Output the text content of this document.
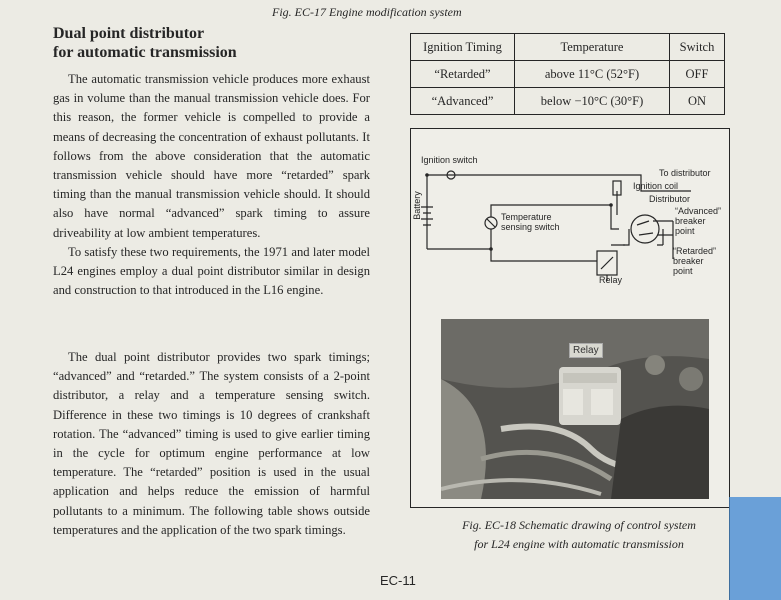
Fig. EC-17 Engine modification system
Dual point distributor
for automatic transmission

The automatic transmission vehicle produces more exhaust gas in volume than the manual transmission vehicle does. For this reason, the former vehicle is compelled to provide a means of decreasing the concentration of exhaust pollutants. It follows from the above consideration that the automatic transmission vehicle should have more “retarded” spark timing than the manual transmission vehicle should. It should also have normal “advanced” spark timing to assure driveability at low ambient temperatures.

To satisfy these two requirements, the 1971 and later model L24 engines employ a dual point distributor similar in design and construction to that introduced in the L16 engine.

The dual point distributor provides two spark timings; “advanced” and “retarded.” The system consists of a 2-point distributor, a relay and a temperature sensing switch. Difference in these two timings is 10 degrees of crankshaft rotation. The “advanced” timing is used to give earlier timing in the cycle for optimum engine performance at low temperature. The “retarded” position is used in the usual application and helps reduce the emission of harmful pollutants to a minimum. The following table shows outside temperatures and the application of the two spark timings.

Ignition Timing	Temperature	Switch
“Retarded”	above 11°C (52°F)	OFF
“Advanced”	below −10°C (30°F)	ON
Ignition switch
To distributor
Ignition coil
Distributor
Battery	Temperature
sensing switch
“Advanced”
breaker
point
“Retarded”
breaker
point
Relay
Relay
Fig. EC-18 Schematic drawing of control system
for L24 engine with automatic transmission
EC-11
